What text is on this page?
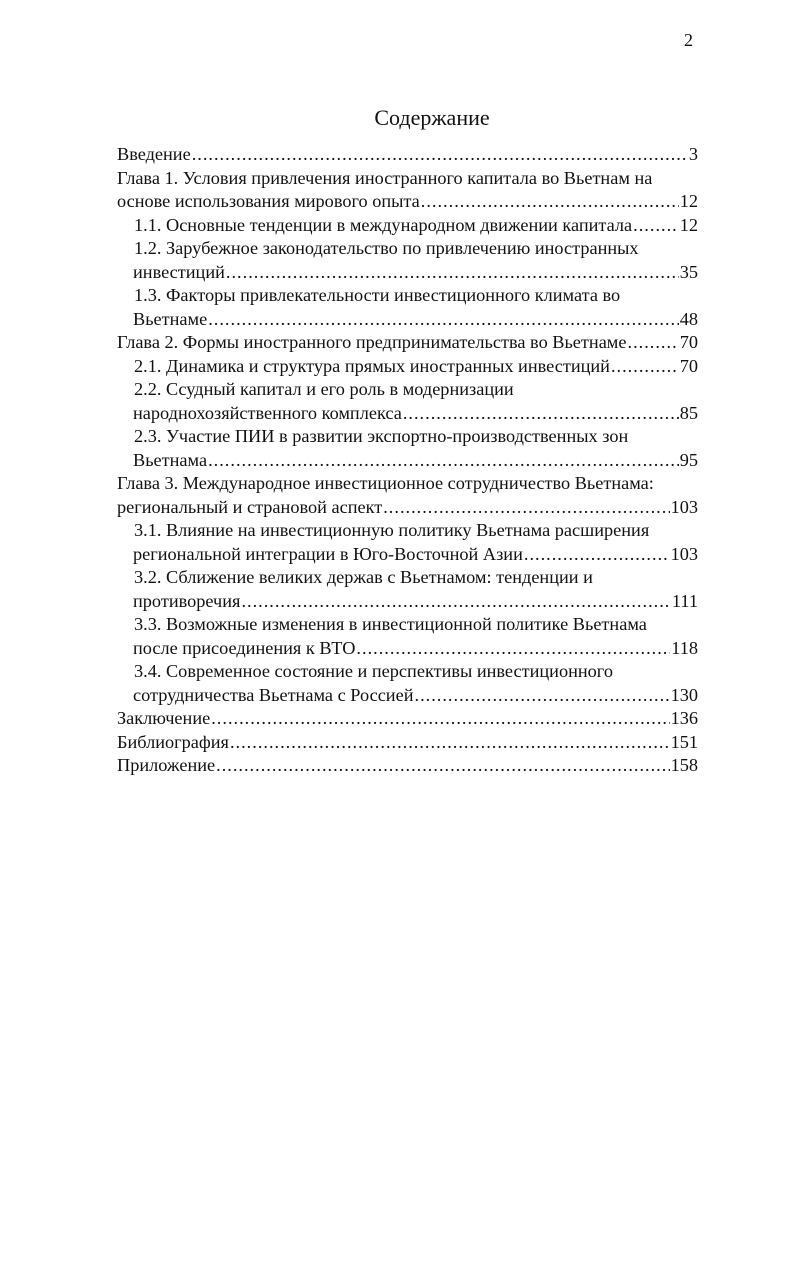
2
Содержание
Введение .....	3
Глава 1. Условия привлечения иностранного капитала во Вьетнам на
основе использования мирового опыта .....	12
1.1. Основные тенденции в международном движении капитала .....	12
1.2. Зарубежное законодательство по привлечению иностранных
инвестиций .....	35
1.3. Факторы привлекательности инвестиционного климата во
Вьетнаме .....	48
Глава 2. Формы иностранного предпринимательства во Вьетнаме .....	70
2.1. Динамика и структура прямых иностранных инвестиций .....	70
2.2. Ссудный капитал и его роль в модернизации
народнохозяйственного комплекса .....	85
2.3. Участие ПИИ в развитии экспортно-производственных зон
Вьетнама .....	95
Глава 3. Международное инвестиционное сотрудничество Вьетнама:
региональный и страновой аспект .....	103
3.1. Влияние на инвестиционную политику Вьетнама расширения
региональной интеграции в Юго-Восточной Азии .....	103
3.2. Сближение великих держав с Вьетнамом: тенденции и
противоречия .....	111
3.3. Возможные изменения в инвестиционной политике Вьетнама
после присоединения к ВТО .....	118
3.4. Современное состояние и перспективы инвестиционного
сотрудничества Вьетнама с Россией .....	130
Заключение .....	136
Библиография .....	151
Приложение .....	158
